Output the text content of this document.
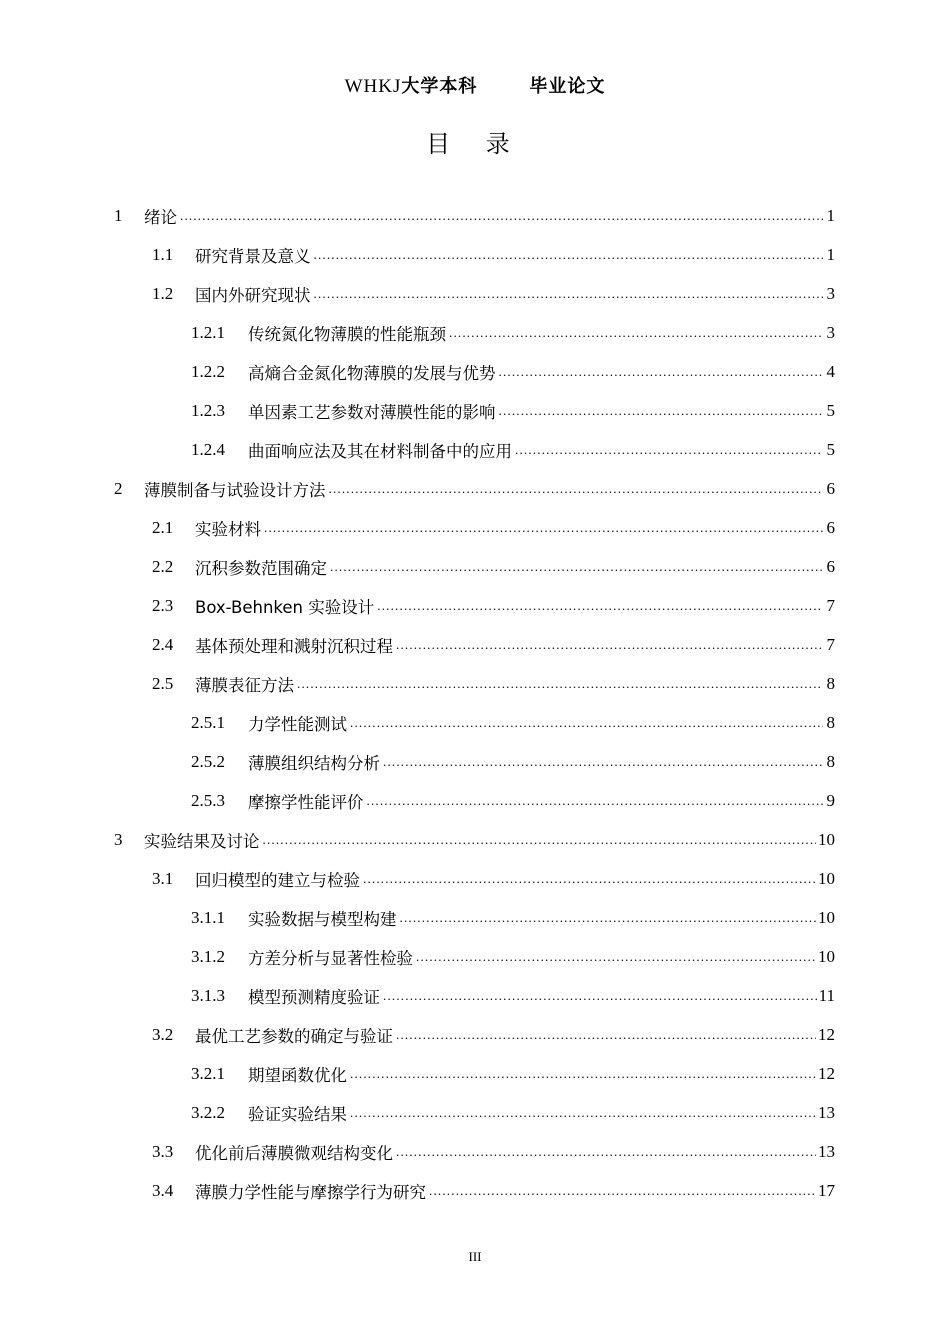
WHKJ大学本科	毕业论文
目 录
1	绪论 .....	1
1.1	研究背景及意义 .....	1
1.2	国内外研究现状 .....	3
1.2.1	传统氮化物薄膜的性能瓶颈 .....	3
1.2.2	高熵合金氮化物薄膜的发展与优势 .....	4
1.2.3	单因素工艺参数对薄膜性能的影响 .....	5
1.2.4	曲面响应法及其在材料制备中的应用 .....	5
2	薄膜制备与试验设计方法 .....	6
2.1	实验材料 .....	6
2.2	沉积参数范围确定 .....	6
2.3	Box-Behnken 实验设计 .....	7
2.4	基体预处理和溅射沉积过程 .....	7
2.5	薄膜表征方法 .....	8
2.5.1	力学性能测试 .....	8
2.5.2	薄膜组织结构分析 .....	8
2.5.3	摩擦学性能评价 .....	9
3	实验结果及讨论 .....	10
3.1	回归模型的建立与检验 .....	10
3.1.1	实验数据与模型构建 .....	10
3.1.2	方差分析与显著性检验 .....	10
3.1.3	模型预测精度验证 .....	11
3.2	最优工艺参数的确定与验证 .....	12
3.2.1	期望函数优化 .....	12
3.2.2	验证实验结果 .....	13
3.3	优化前后薄膜微观结构变化 .....	13
3.4	薄膜力学性能与摩擦学行为研究 .....	17
III
